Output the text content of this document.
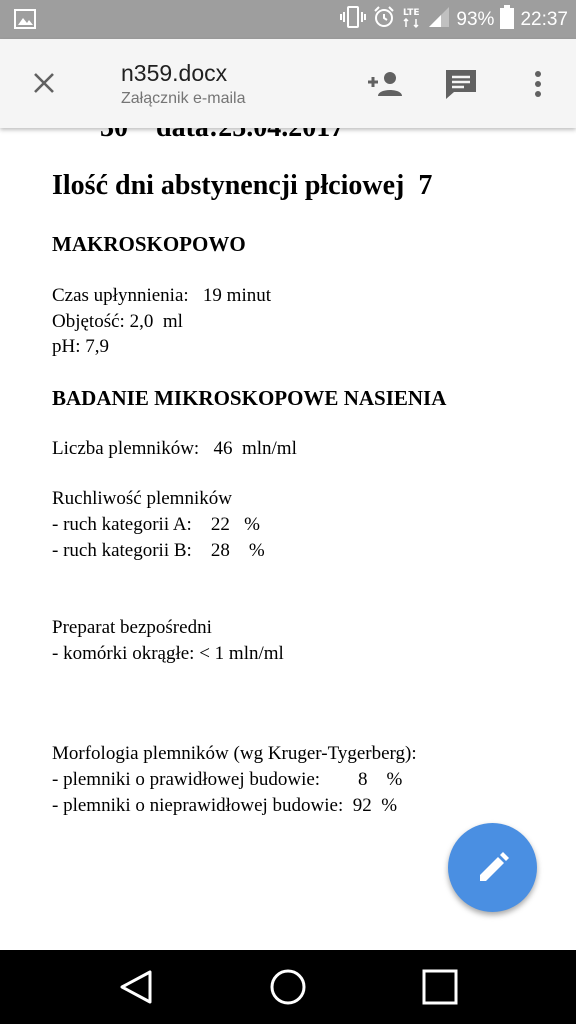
LTE 93% 22:37
n359.docx
Załącznik e-maila
Ilość dni abstynencji płciowej  7
MAKROSKOPOWO
Czas upłynnienia:   19 minut
Objętość: 2,0  ml
pH: 7,9
BADANIE MIKROSKOPOWE NASIENIA
Liczba plemników:   46  mln/ml
Ruchliwość plemników
- ruch kategorii A:    22   %
- ruch kategorii B:    28    %
Preparat bezpośredni
- komórki okrągłe: < 1 mln/ml
Morfologia plemników (wg Kruger-Tygerberg):
- plemniki o prawidłowej budowie:        8    %
- plemniki o nieprawidłowej budowie:  92  %
